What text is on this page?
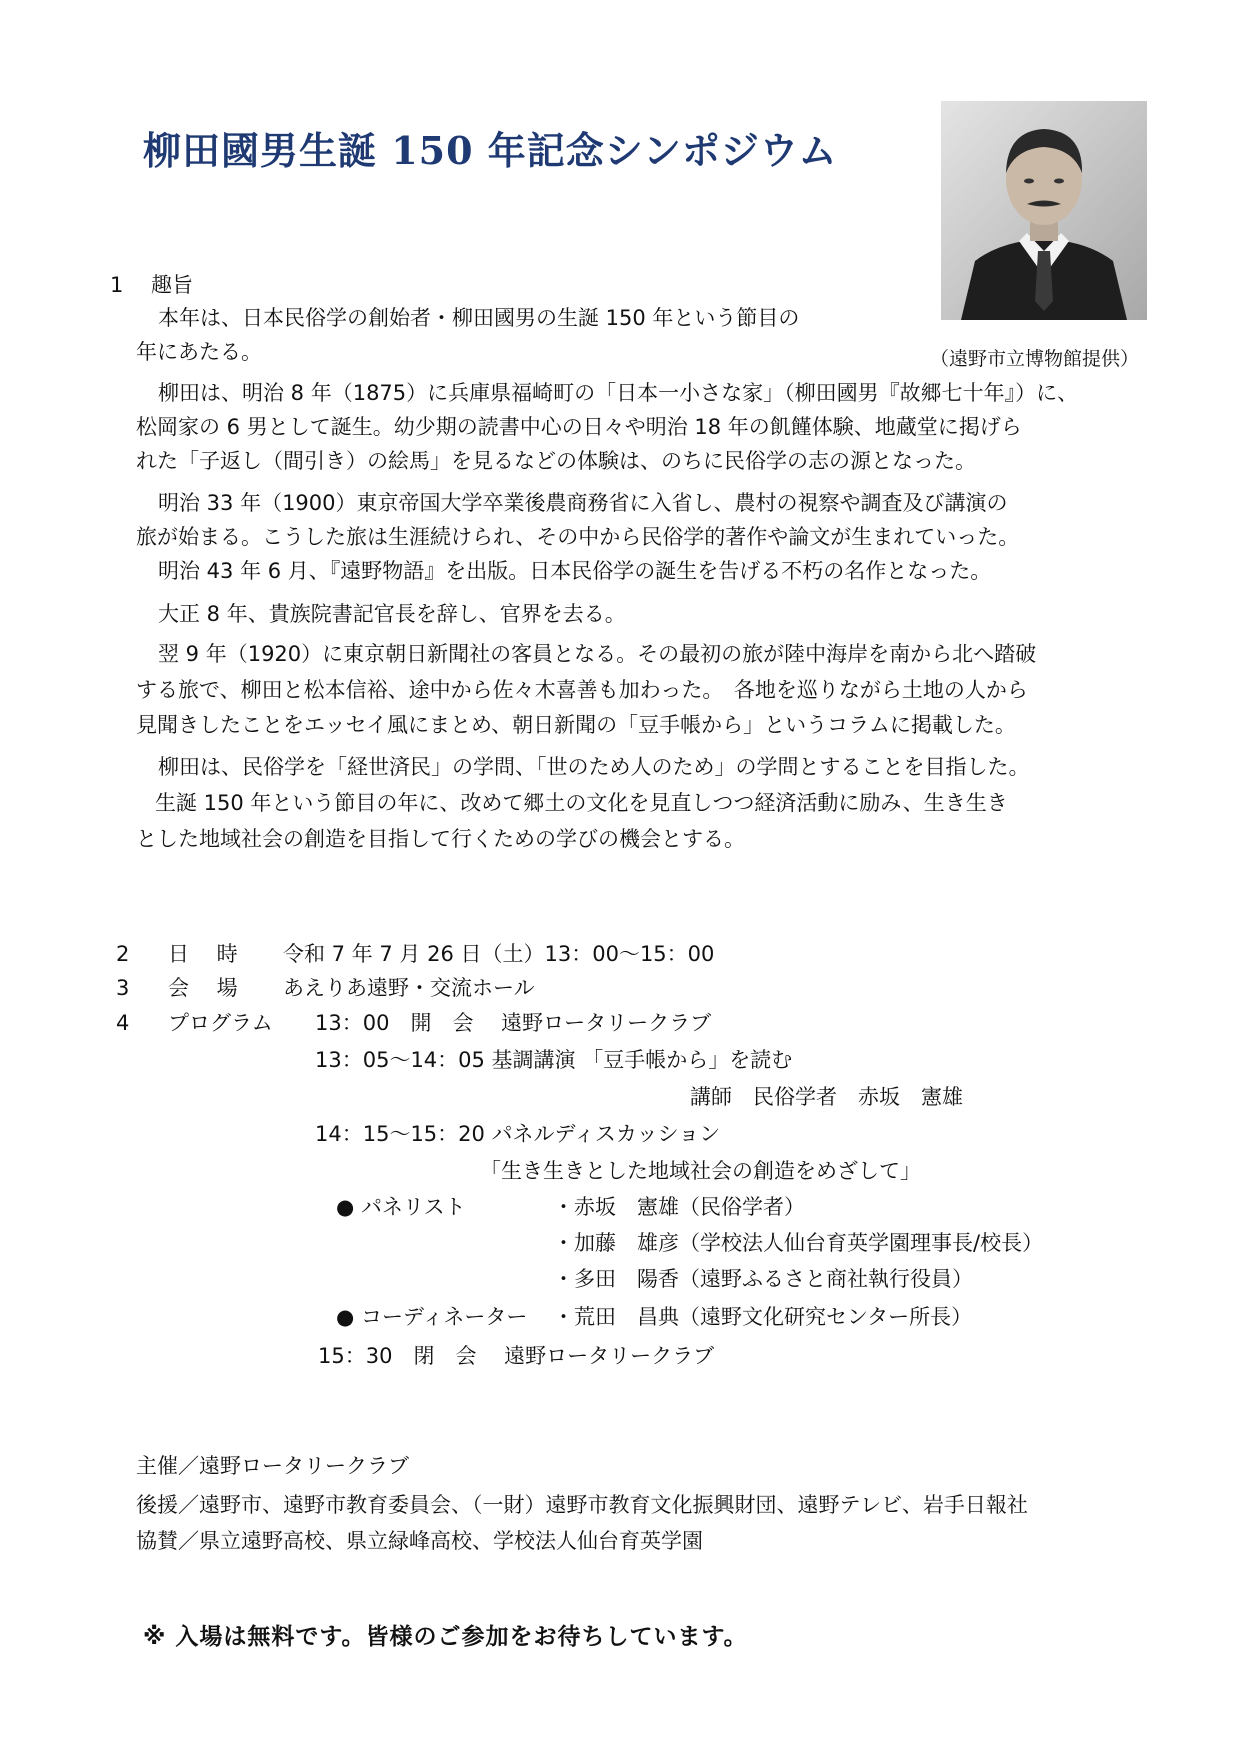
柳田國男生誕 150 年記念シンポジウム
（遠野市立博物館提供）
1　 趣旨
本年は、日本民俗学の創始者・柳田國男の生誕 150 年という節目の
年にあたる。
柳田は、明治 8 年（1875）に兵庫県福崎町の「日本一小さな家」（柳田國男『故郷七十年』）に、
松岡家の 6 男として誕生。幼少期の読書中心の日々や明治 18 年の飢饉体験、地蔵堂に掲げら
れた「子返し（間引き）の絵馬」を見るなどの体験は、のちに民俗学の志の源となった。
明治 33 年（1900）東京帝国大学卒業後農商務省に入省し、農村の視察や調査及び講演の
旅が始まる。こうした旅は生涯続けられ、その中から民俗学的著作や論文が生まれていった。
明治 43 年 6 月、『遠野物語』を出版。日本民俗学の誕生を告げる不朽の名作となった。
大正 8 年、貴族院書記官長を辞し、官界を去る。
翌 9 年（1920）に東京朝日新聞社の客員となる。その最初の旅が陸中海岸を南から北へ踏破
する旅で、柳田と松本信裕、途中から佐々木喜善も加わった。　各地を巡りながら土地の人から
見聞きしたことをエッセイ風にまとめ、朝日新聞の「豆手帳から」というコラムに掲載した。
柳田は、民俗学を「経世済民」の学問、「世のため人のため」の学問とすることを目指した。
生誕 150 年という節目の年に、改めて郷土の文化を見直しつつ経済活動に励み、生き生き
とした地域社会の創造を目指して行くための学びの機会とする。
2 日　 時 令和 7 年 7 月 26 日（土）13：00～15：00
3 会　 場 あえりあ遠野・交流ホール
4 プログラム 13：00　開　会　 遠野ロータリークラブ
13：05～14：05 基調講演 「豆手帳から」を読む
講師　民俗学者　赤坂　憲雄
14：15～15：20 パネルディスカッション
「生き生きとした地域社会の創造をめざして」
● パネリスト	・赤坂　憲雄（民俗学者）
・加藤　雄彦（学校法人仙台育英学園理事長/校長）
・多田　陽香（遠野ふるさと商社執行役員）
● コーディネーター ・荒田　昌典（遠野文化研究センター所長）
15：30　閉　会　 遠野ロータリークラブ
主催／遠野ロータリークラブ
後援／遠野市、遠野市教育委員会、（一財）遠野市教育文化振興財団、遠野テレビ、岩手日報社
協賛／県立遠野高校、県立緑峰高校、学校法人仙台育英学園
※ 入場は無料です。皆様のご参加をお待ちしています。
